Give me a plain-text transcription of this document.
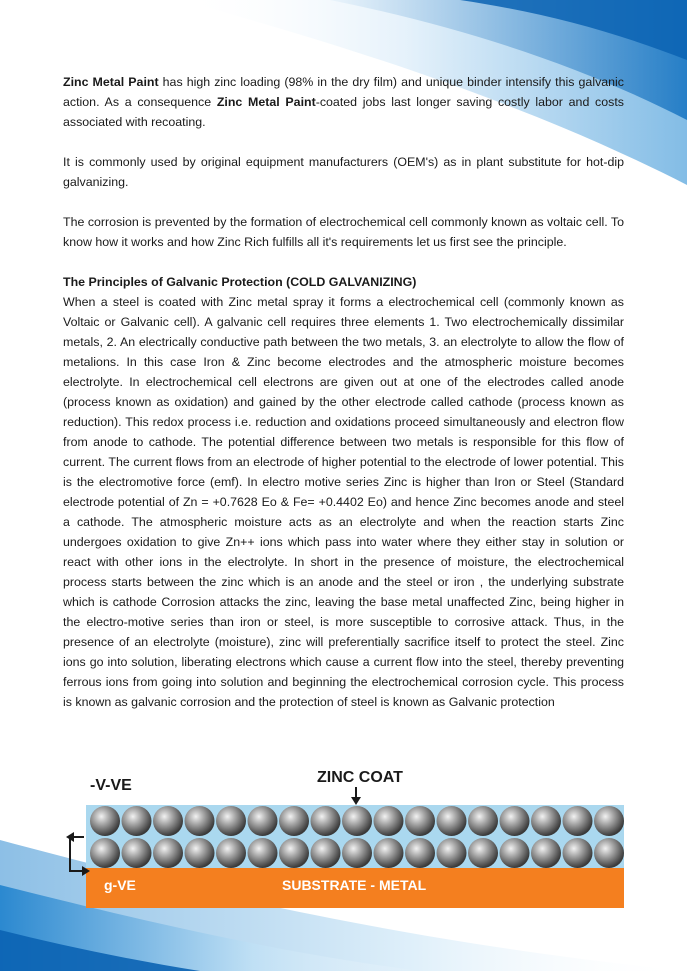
Zinc Metal Paint has high zinc loading (98% in the dry film) and unique binder intensify this galvanic action. As a consequence Zinc Metal Paint-coated jobs last longer saving costly labor and costs associated with recoating.

It is commonly used by original equipment manufacturers (OEM's) as in plant substitute for hot-dip galvanizing.

The corrosion is prevented by the formation of electrochemical cell commonly known as voltaic cell. To know how it works and how Zinc Rich fulfills all it's requirements let us first see the principle.

The Principles of Galvanic Protection (COLD GALVANIZING)

When a steel is coated with Zinc metal spray it forms a electrochemical cell (commonly known as Voltaic or Galvanic cell). A galvanic cell requires three elements 1. Two electrochemically dissimilar metals, 2. An electrically conductive path between the two metals, 3. an electrolyte to allow the flow of metalions. In this case Iron & Zinc become electrodes and the atmospheric moisture becomes electrolyte. In electrochemical cell electrons are given out at one of the electrodes called anode (process known as oxidation) and gained by the other electrode called cathode (process known as reduction). This redox process i.e. reduction and oxidations proceed simultaneously and electron flow from anode to cathode. The potential difference between two metals is responsible for this flow of current. The current flows from an electrode of higher potential to the electrode of lower potential. This is the electromotive force (emf). In electro motive series Zinc is higher than Iron or Steel (Standard electrode potential of Zn = +0.7628 Eo & Fe= +0.4402 Eo) and hence Zinc becomes anode and steel a cathode. The atmospheric moisture acts as an electrolyte and when the reaction starts Zinc undergoes oxidation to give Zn++ ions which pass into water where they either stay in solution or react with other ions in the electrolyte. In short in the presence of moisture, the electrochemical process starts between the zinc which is an anode and the steel or iron , the underlying substrate which is cathode Corrosion attacks the zinc, leaving the base metal unaffected Zinc, being higher in the electro-motive series than iron or steel, is more susceptible to corrosive attack. Thus, in the presence of an electrolyte (moisture), zinc will preferentially sacrifice itself to protect the steel. Zinc ions go into solution, liberating electrons which cause a current flow into the steel, thereby preventing ferrous ions from going into solution and beginning the electrochemical corrosion cycle. This process is known as galvanic corrosion and the protection of steel is known as Galvanic protection

-V-VE	ZINC COAT
g-VE	SUBSTRATE - METAL
